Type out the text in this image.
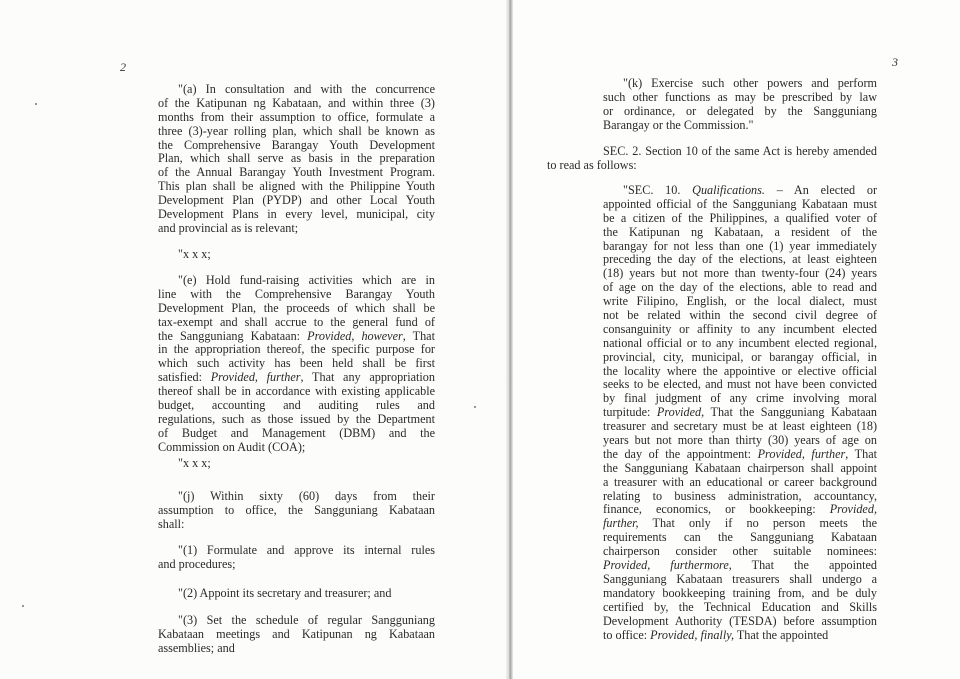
2
"(a) In consultation and with the concurrence
of the Katipunan ng Kabataan, and within three (3)
months from their assumption to office, formulate a
three (3)-year rolling plan, which shall be known as
the Comprehensive Barangay Youth Development
Plan, which shall serve as basis in the preparation
of the Annual Barangay Youth Investment Program.
This plan shall be aligned with the Philippine Youth
Development Plan (PYDP) and other Local Youth
Development Plans in every level, municipal, city
and provincial as is relevant;
"x x x;
"(e) Hold fund-raising activities which are in
line with the Comprehensive Barangay Youth
Development Plan, the proceeds of which shall be
tax-exempt and shall accrue to the general fund of
the Sangguniang Kabataan: Provided, however, That
in the appropriation thereof, the specific purpose for
which such activity has been held shall be first
satisfied: Provided, further, That any appropriation
thereof shall be in accordance with existing applicable
budget, accounting and auditing rules and
regulations, such as those issued by the Department
of Budget and Management (DBM) and the
Commission on Audit (COA);
"x x x;
"(j) Within sixty (60) days from their
assumption to office, the Sangguniang Kabataan
shall:
"(1) Formulate and approve its internal rules
and procedures;
"(2) Appoint its secretary and treasurer; and
"(3) Set the schedule of regular Sangguniang
Kabataan meetings and Katipunan ng Kabataan
assemblies; and
3
"(k) Exercise such other powers and perform
such other functions as may be prescribed by law
or ordinance, or delegated by the Sangguniang
Barangay or the Commission."
SEC. 2. Section 10 of the same Act is hereby amended
to read as follows:
"SEC. 10. Qualifications. – An elected or
appointed official of the Sangguniang Kabataan must
be a citizen of the Philippines, a qualified voter of
the Katipunan ng Kabataan, a resident of the
barangay for not less than one (1) year immediately
preceding the day of the elections, at least eighteen
(18) years but not more than twenty-four (24) years
of age on the day of the elections, able to read and
write Filipino, English, or the local dialect, must
not be related within the second civil degree of
consanguinity or affinity to any incumbent elected
national official or to any incumbent elected regional,
provincial, city, municipal, or barangay official, in
the locality where the appointive or elective official
seeks to be elected, and must not have been convicted
by final judgment of any crime involving moral
turpitude: Provided, That the Sangguniang Kabataan
treasurer and secretary must be at least eighteen (18)
years but not more than thirty (30) years of age on
the day of the appointment: Provided, further, That
the Sangguniang Kabataan chairperson shall appoint
a treasurer with an educational or career background
relating to business administration, accountancy,
finance, economics, or bookkeeping: Provided,
further, That only if no person meets the
requirements can the Sangguniang Kabataan
chairperson consider other suitable nominees:
Provided, furthermore, That the appointed
Sangguniang Kabataan treasurers shall undergo a
mandatory bookkeeping training from, and be duly
certified by, the Technical Education and Skills
Development Authority (TESDA) before assumption
to office: Provided, finally, That the appointed
